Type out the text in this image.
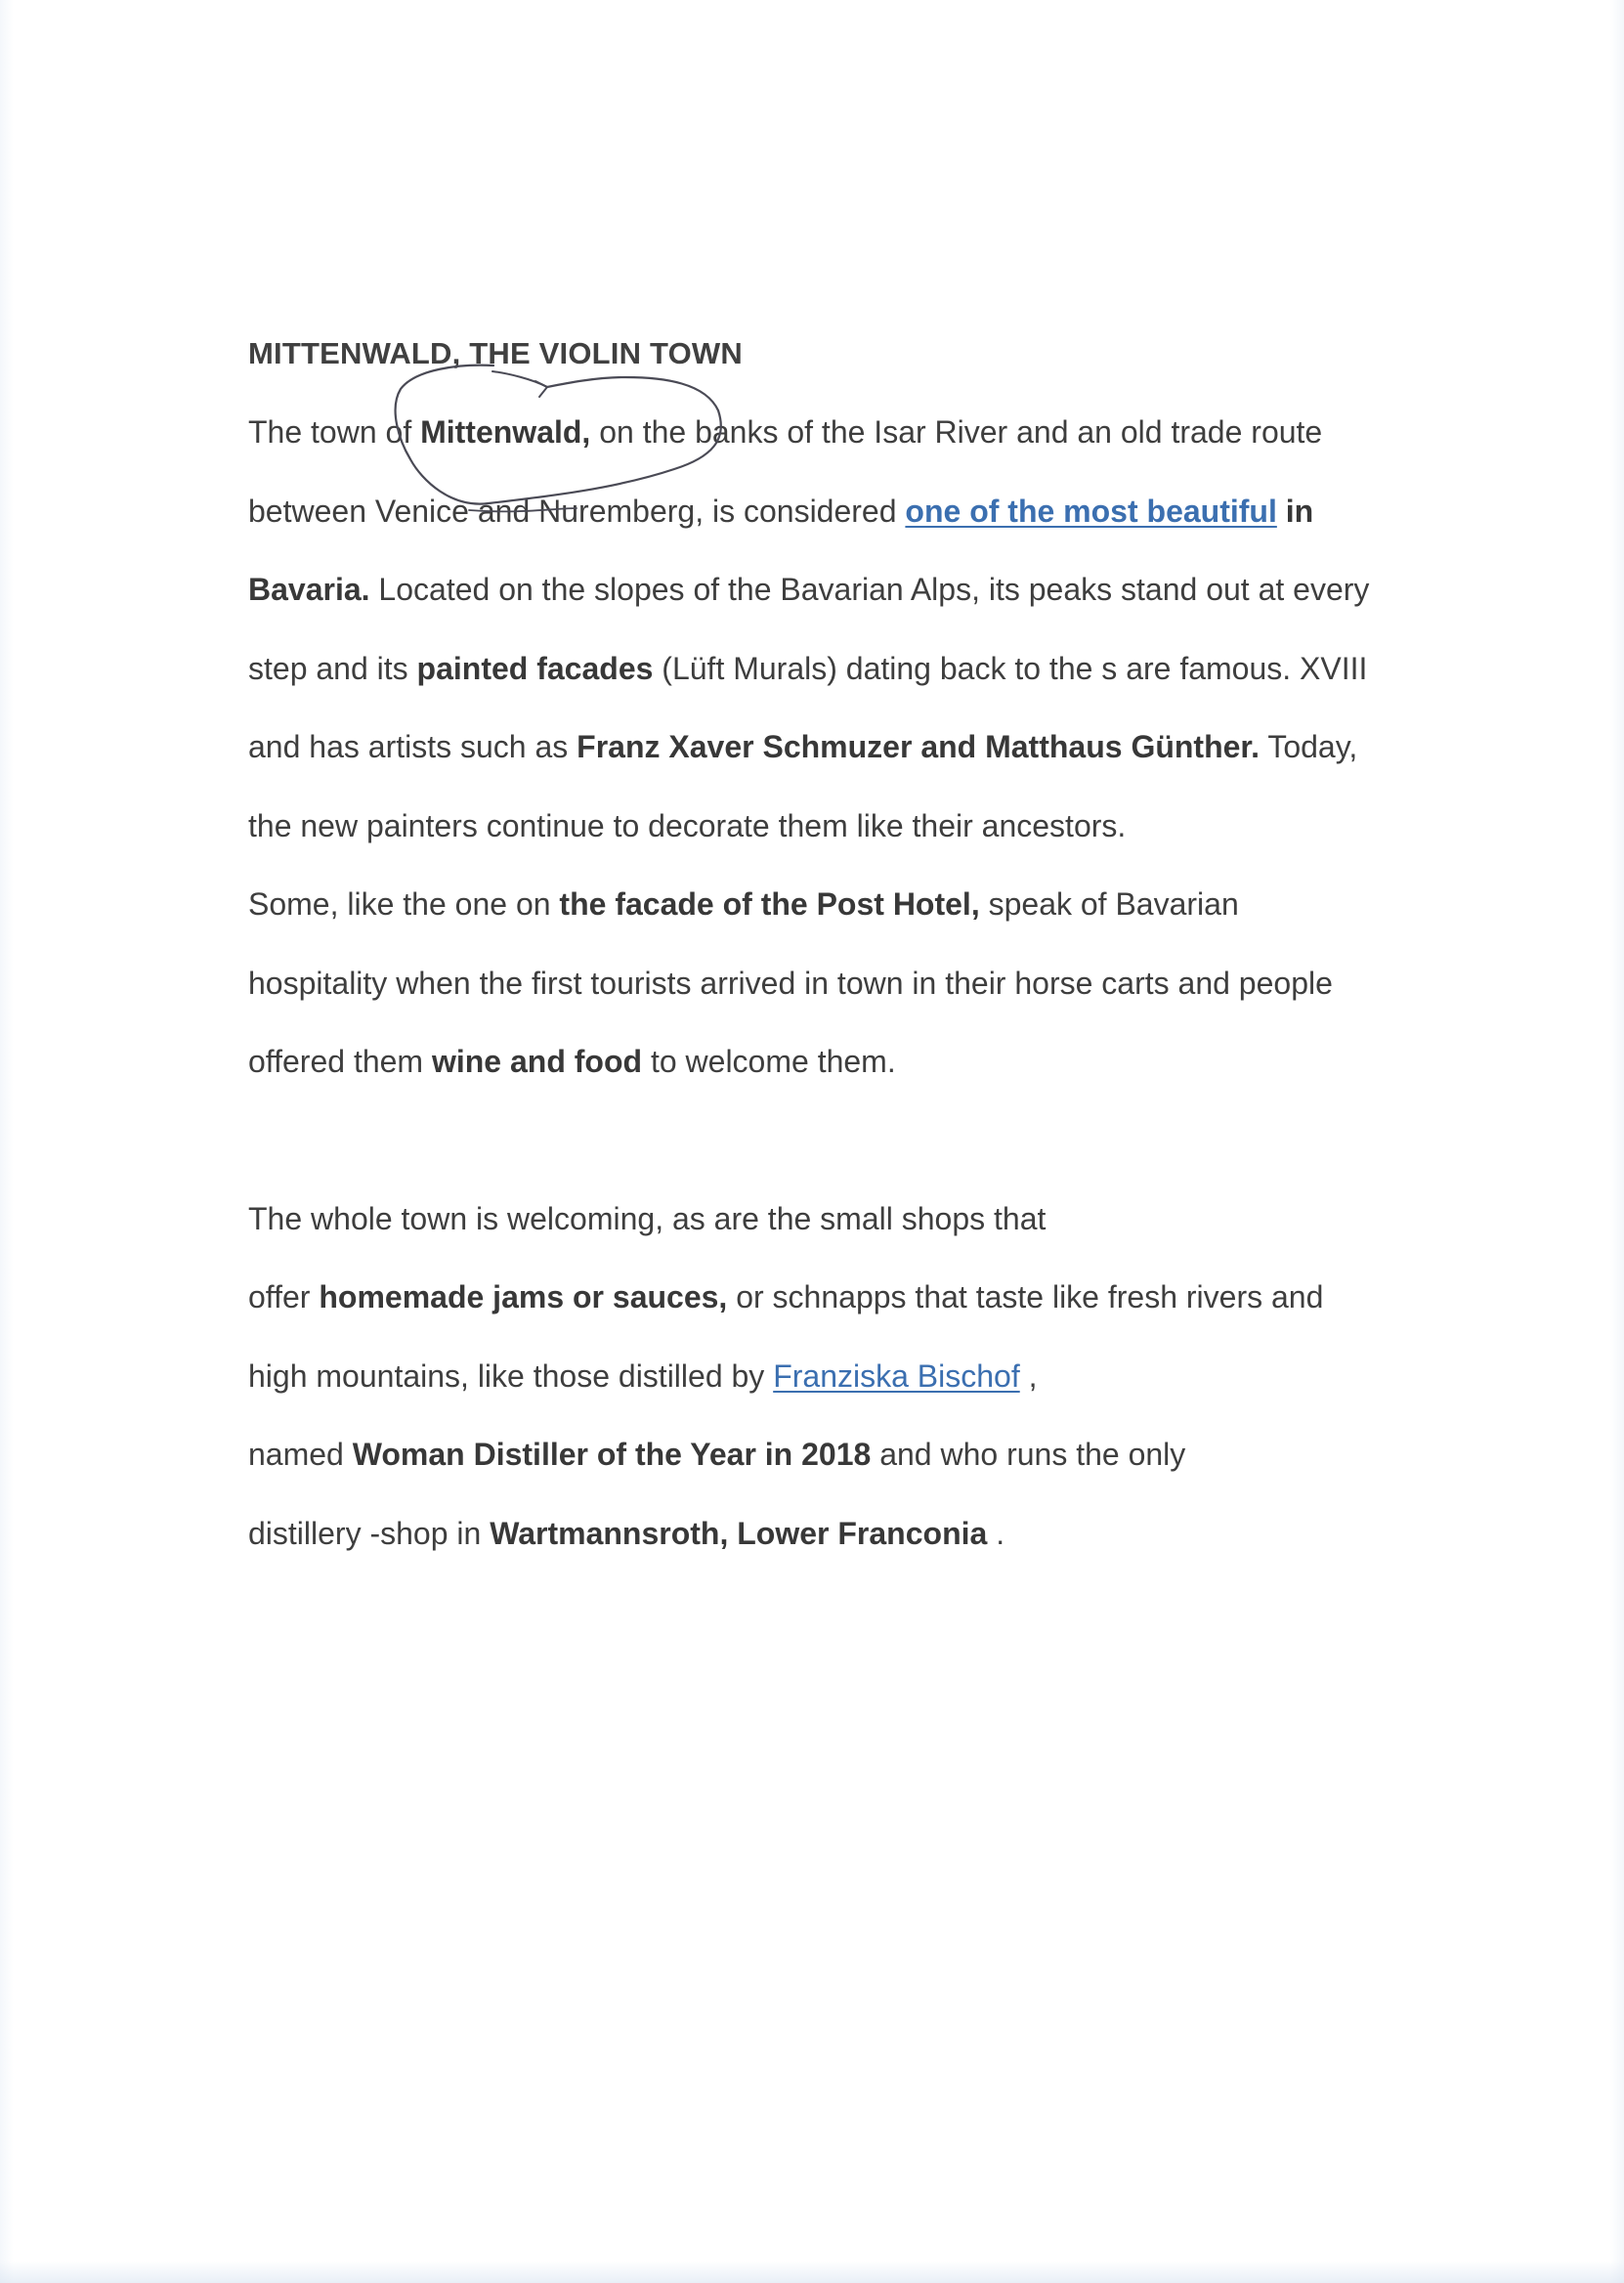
MITTENWALD, THE VIOLIN TOWN

The town of Mittenwald, on the banks of the Isar River and an old trade route between Venice and Nuremberg, is considered one of the most beautiful in Bavaria. Located on the slopes of the Bavarian Alps, its peaks stand out at every step and its painted facades (Lüft Murals) dating back to the s are famous. XVIII and has artists such as Franz Xaver Schmuzer and Matthaus Günther. Today, the new painters continue to decorate them like their ancestors.

Some, like the one on the facade of the Post Hotel, speak of Bavarian hospitality when the first tourists arrived in town in their horse carts and people offered them wine and food to welcome them.

The whole town is welcoming, as are the small shops that
offer homemade jams or sauces, or schnapps that taste like fresh rivers and high mountains, like those distilled by Franziska Bischof ,
named Woman Distiller of the Year in 2018 and who runs the only
distillery -shop in Wartmannsroth, Lower Franconia .
